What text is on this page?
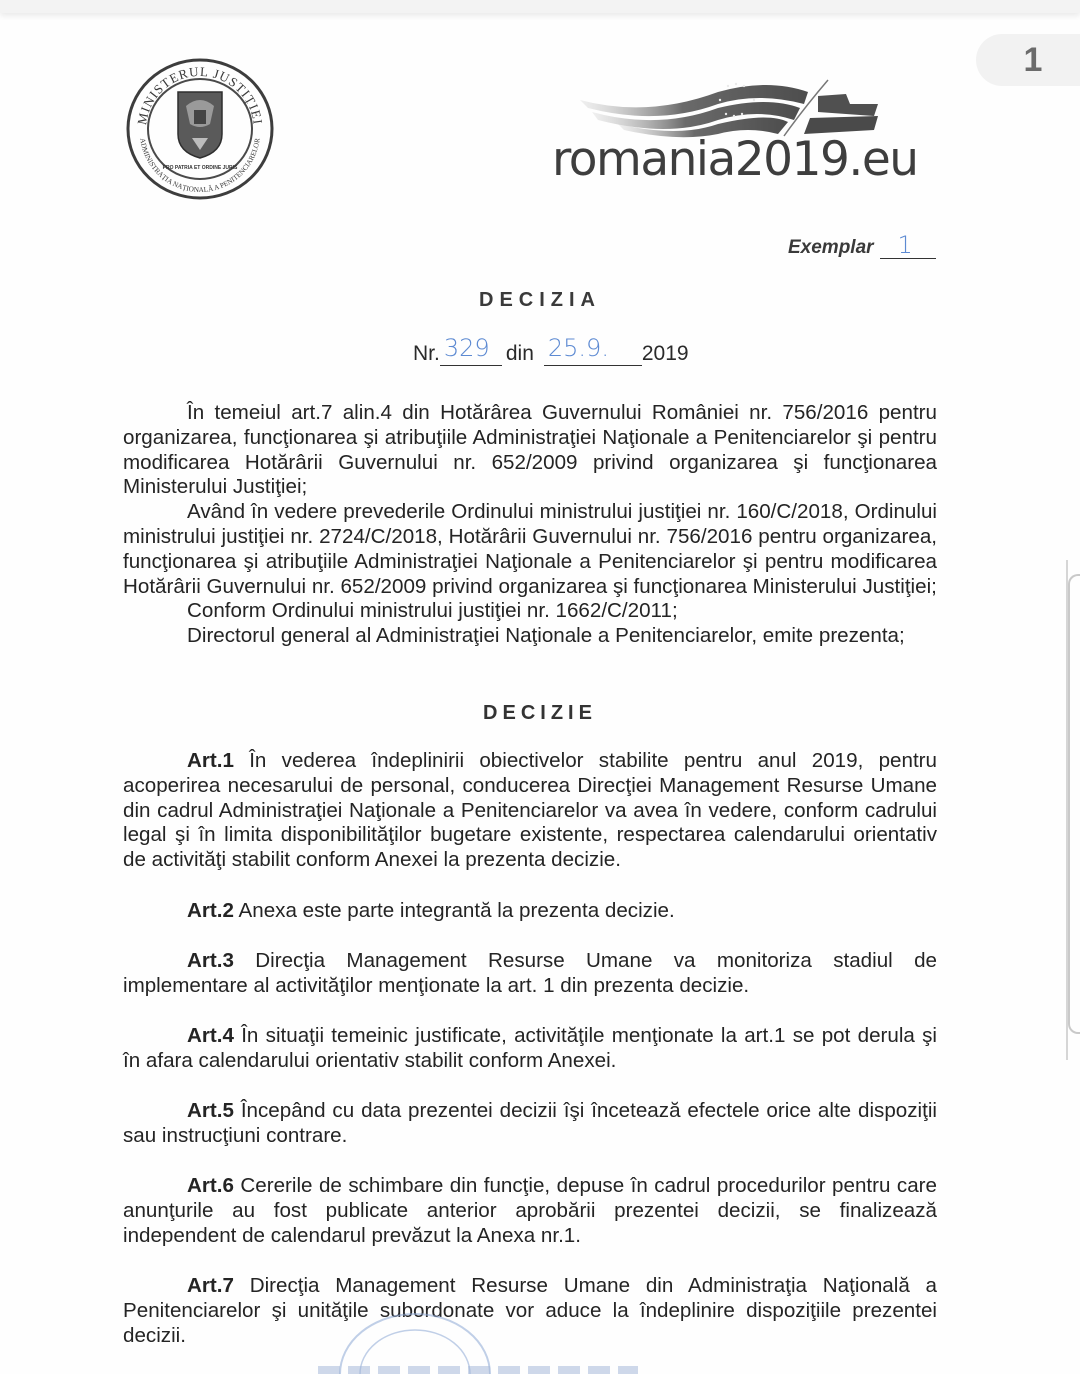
1
MINISTERUL JUSTIȚIEI
ADMINISTRAȚIA NAȚIONALĂ A PENITENCIARELOR
PRO PATRIA ET ORDINE JURIS	romania2019.eu
Exemplar 1
DECIZIA
Nr. 329 din 25.9. 2019

În temeiul art.7 alin.4 din Hotărârea Guvernului României nr. 756/2016 pentru organizarea, funcţionarea şi atribuţiile Administraţiei Naţionale a Penitenciarelor şi pentru modificarea Hotărârii Guvernului nr. 652/2009 privind organizarea şi funcţionarea Ministerului Justiţiei;

Având în vedere prevederile Ordinului ministrului justiţiei nr. 160/C/2018, Ordinului ministrului justiţiei nr. 2724/C/2018, Hotărârii Guvernului nr. 756/2016 pentru organizarea, funcţionarea şi atribuţiile Administraţiei Naţionale a Penitenciarelor şi pentru modificarea Hotărârii Guvernului nr. 652/2009 privind organizarea şi funcţionarea Ministerului Justiţiei;

Conform Ordinului ministrului justiţiei nr. 1662/C/2011;

Directorul general al Administraţiei Naţionale a Penitenciarelor, emite prezenta;

DECIZIE

Art.1 În vederea îndeplinirii obiectivelor stabilite pentru anul 2019, pentru acoperirea necesarului de personal, conducerea Direcţiei Management Resurse Umane din cadrul Administraţiei Naţionale a Penitenciarelor va avea în vedere, conform cadrului legal şi în limita disponibilităţilor bugetare existente, respectarea calendarului orientativ de activităţi stabilit conform Anexei la prezenta decizie.

Art.2 Anexa este parte integrantă la prezenta decizie.

Art.3 Direcţia Management Resurse Umane va monitoriza stadiul de implementare al activităţilor menţionate la art. 1 din prezenta decizie.

Art.4 În situaţii temeinic justificate, activităţile menţionate la art.1 se pot derula şi în afara calendarului orientativ stabilit conform Anexei.

Art.5 Începând cu data prezentei decizii îşi încetează efectele orice alte dispoziţii sau instrucţiuni contrare.

Art.6 Cererile de schimbare din funcţie, depuse în cadrul procedurilor pentru care anunţurile au fost publicate anterior aprobării prezentei decizii, se finalizează independent de calendarul prevăzut la Anexa nr.1.

Art.7 Direcţia Management Resurse Umane din Administraţia Naţională a Penitenciarelor şi unităţile subordonate vor aduce la îndeplinire dispoziţiile prezentei decizii.
